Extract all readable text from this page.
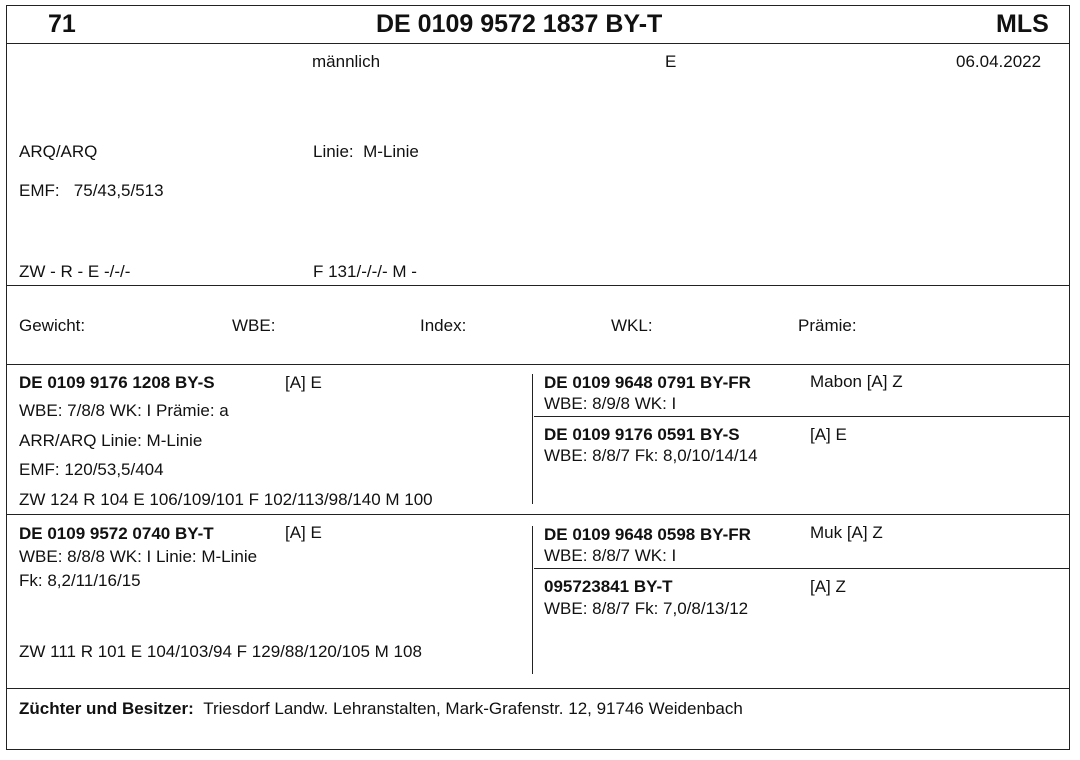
71	DE 0109 9572 1837 BY-T	MLS
männlich	E	06.04.2022
ARQ/ARQ	Linie: M-Linie
EMF: 75/43,5/513
ZW - R - E -/-/-	F 131/-/-/- M -
Gewicht:	WBE:	Index:	WKL:	Prämie:
DE 0109 9176 1208 BY-S	[A] E
WBE: 7/8/8 WK: I Prämie: a
ARR/ARQ Linie: M-Linie
EMF: 120/53,5/404
ZW 124 R 104 E 106/109/101 F 102/113/98/140 M 100
DE 0109 9648 0791 BY-FR	Mabon [A] Z
WBE: 8/9/8 WK: I
DE 0109 9176 0591 BY-S	[A] E
WBE: 8/8/7 Fk: 8,0/10/14/14
DE 0109 9572 0740 BY-T	[A] E
WBE: 8/8/8 WK: I Linie: M-Linie
Fk: 8,2/11/16/15
ZW 111 R 101 E 104/103/94 F 129/88/120/105 M 108
DE 0109 9648 0598 BY-FR	Muk [A] Z
WBE: 8/8/7 WK: I
095723841 BY-T	[A] Z
WBE: 8/8/7 Fk: 7,0/8/13/12
Züchter und Besitzer: Triesdorf Landw. Lehranstalten, Mark-Grafenstr. 12, 91746 Weidenbach
